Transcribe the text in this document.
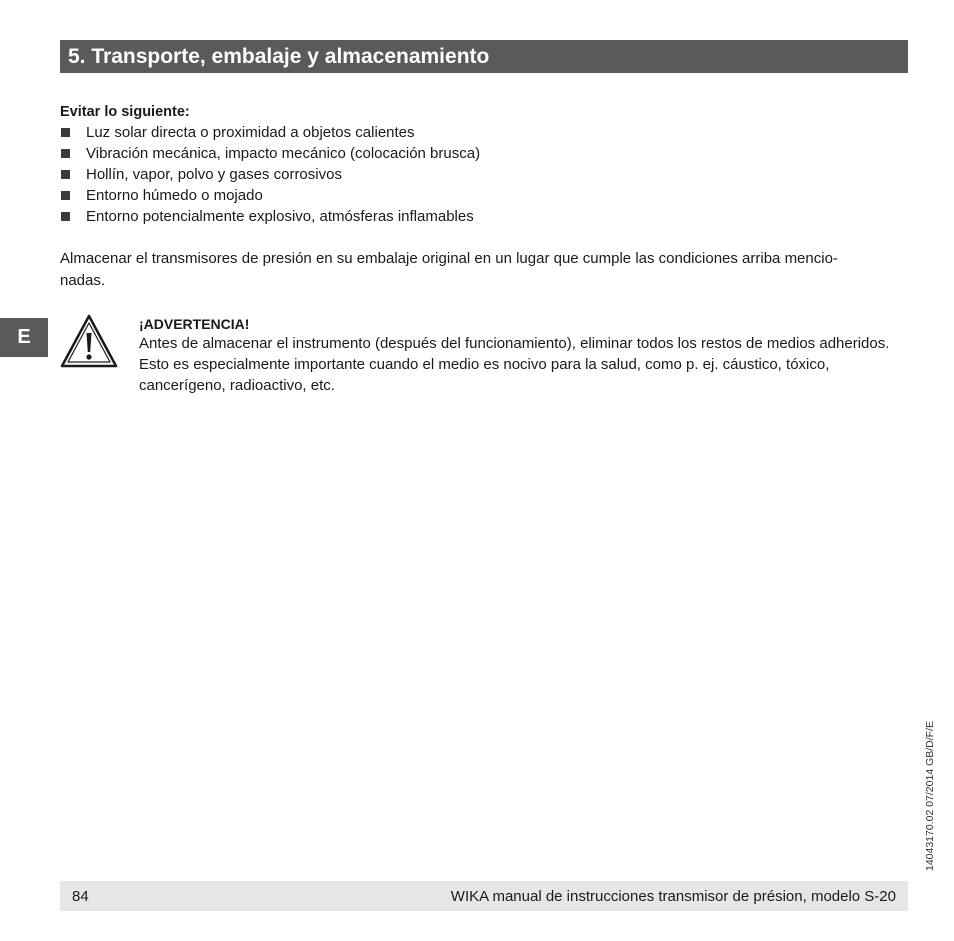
5. Transporte, embalaje y almacenamiento
Evitar lo siguiente:
Luz solar directa o proximidad a objetos calientes
Vibración mecánica, impacto mecánico (colocación brusca)
Hollín, vapor, polvo y gases corrosivos
Entorno húmedo o mojado
Entorno potencialmente explosivo, atmósferas inflamables

Almacenar el transmisores de presión en su embalaje original en un lugar que cumple las condiciones arriba mencio-
nadas.

E
¡ADVERTENCIA!

Antes de almacenar el instrumento (después del funcionamiento), eliminar todos los restos de medios adheridos. Esto es especialmente importante cuando el medio es nocivo para la salud, como p. ej. cáustico, tóxico, cancerígeno, radioactivo, etc.

14043170.02 07/2014 GB/D/F/E
84	WIKA manual de instrucciones transmisor de présion, modelo S-20
